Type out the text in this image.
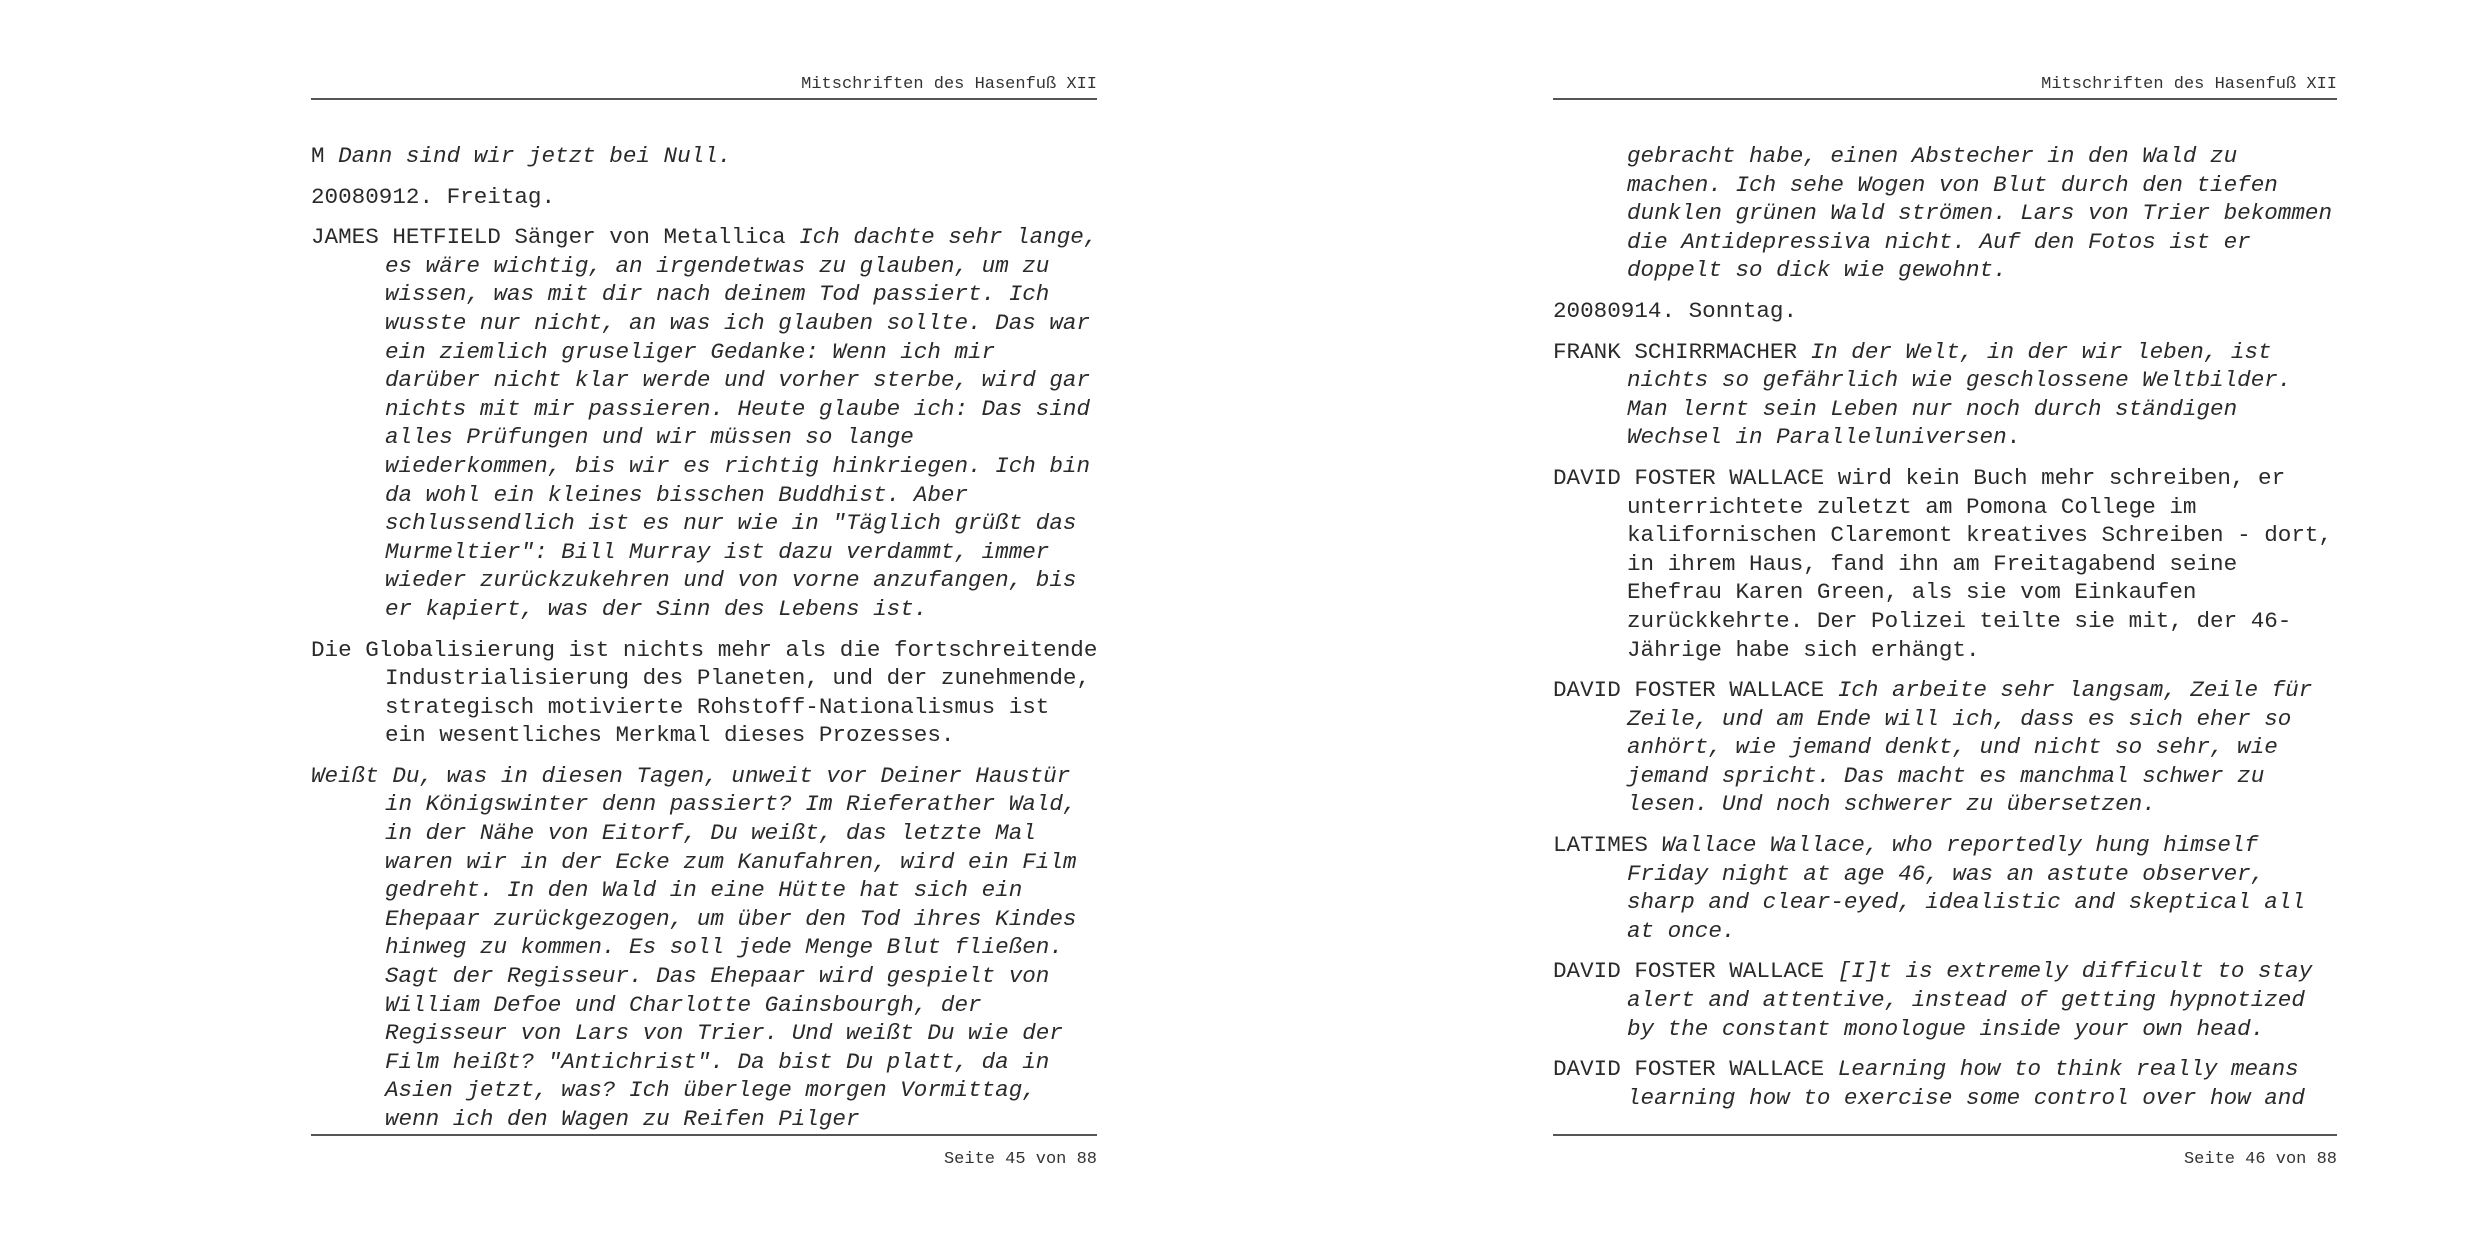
Mitschriften des Hasenfuß XII

M Dann sind wir jetzt bei Null.

20080912. Freitag.

JAMES HETFIELD Sänger von Metallica Ich dachte sehr lange, es wäre wichtig, an irgendetwas zu glauben, um zu wissen, was mit dir nach deinem Tod passiert. Ich wusste nur nicht, an was ich glauben sollte. Das war ein ziemlich gruseliger Gedanke: Wenn ich mir darüber nicht klar werde und vorher sterbe, wird gar nichts mit mir passieren. Heute glaube ich: Das sind alles Prüfungen und wir müssen so lange wiederkommen, bis wir es richtig hinkriegen. Ich bin da wohl ein kleines bisschen Buddhist. Aber schlussendlich ist es nur wie in "Täglich grüßt das Murmeltier": Bill Murray ist dazu verdammt, immer wieder zurückzukehren und von vorne anzufangen, bis er kapiert, was der Sinn des Lebens ist.

Die Globalisierung ist nichts mehr als die fortschreitende Industrialisierung des Planeten, und der zunehmende, strategisch motivierte Rohstoff-Nationalismus ist ein wesentliches Merkmal dieses Prozesses.

Weißt Du, was in diesen Tagen, unweit vor Deiner Haustür in Königswinter denn passiert? Im Rieferather Wald, in der Nähe von Eitorf, Du weißt, das letzte Mal waren wir in der Ecke zum Kanufahren, wird ein Film gedreht. In den Wald in eine Hütte hat sich ein Ehepaar zurückgezogen, um über den Tod ihres Kindes hinweg zu kommen. Es soll jede Menge Blut fließen. Sagt der Regisseur. Das Ehepaar wird gespielt von William Defoe und Charlotte Gainsbourgh, der Regisseur von Lars von Trier. Und weißt Du wie der Film heißt? "Antichrist". Da bist Du platt, da in Asien jetzt, was? Ich überlege morgen Vormittag, wenn ich den Wagen zu Reifen Pilger

Seite 45 von 88
Mitschriften des Hasenfuß XII

gebracht habe, einen Abstecher in den Wald zu machen. Ich sehe Wogen von Blut durch den tiefen dunklen grünen Wald strömen. Lars von Trier bekommen die Antidepressiva nicht. Auf den Fotos ist er doppelt so dick wie gewohnt.

20080914. Sonntag.

FRANK SCHIRRMACHER In der Welt, in der wir leben, ist nichts so gefährlich wie geschlossene Weltbilder. Man lernt sein Leben nur noch durch ständigen Wechsel in Paralleluniversen.

DAVID FOSTER WALLACE wird kein Buch mehr schreiben, er unterrichtete zuletzt am Pomona College im kalifornischen Claremont kreatives Schreiben - dort, in ihrem Haus, fand ihn am Freitagabend seine Ehefrau Karen Green, als sie vom Einkaufen zurückkehrte. Der Polizei teilte sie mit, der 46-Jährige habe sich erhängt.

DAVID FOSTER WALLACE Ich arbeite sehr langsam, Zeile für Zeile, und am Ende will ich, dass es sich eher so anhört, wie jemand denkt, und nicht so sehr, wie jemand spricht. Das macht es manchmal schwer zu lesen. Und noch schwerer zu übersetzen.

LATIMES Wallace Wallace, who reportedly hung himself Friday night at age 46, was an astute observer, sharp and clear-eyed, idealistic and skeptical all at once.

DAVID FOSTER WALLACE [I]t is extremely difficult to stay alert and attentive, instead of getting hypnotized by the constant monologue inside your own head.

DAVID FOSTER WALLACE Learning how to think really means learning how to exercise some control over how and

Seite 46 von 88
